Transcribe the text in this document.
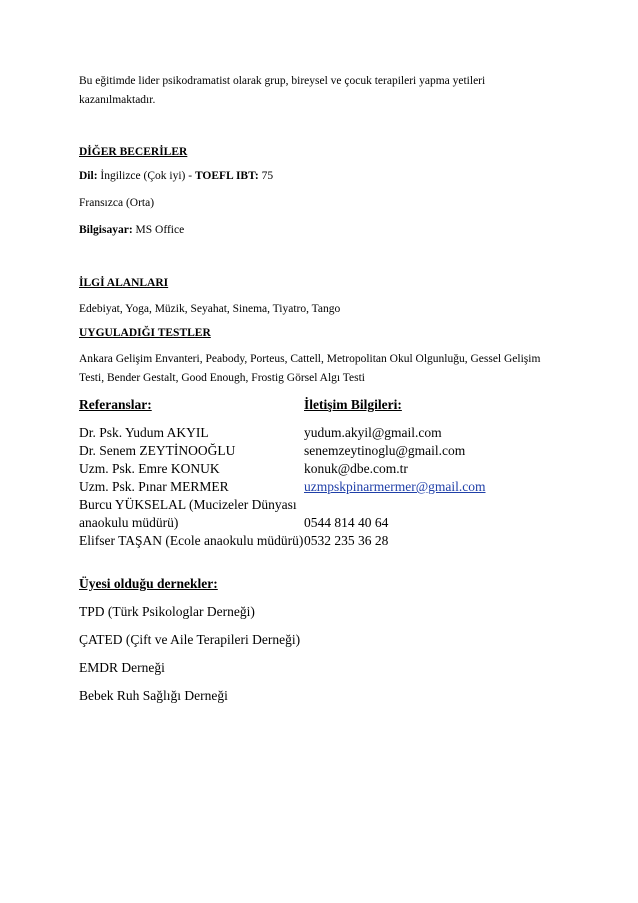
Bu eğitimde lider psikodramatist olarak grup, bireysel ve çocuk terapileri yapma yetileri
kazanılmaktadır.
DİĞER BECERİLER
Dil: İngilizce (Çok iyi) - TOEFL IBT: 75
Fransızca (Orta)
Bilgisayar: MS Office
İLGİ ALANLARI
Edebiyat, Yoga, Müzik, Seyahat, Sinema, Tiyatro, Tango
UYGULADIĞI TESTLER
Ankara Gelişim Envanteri, Peabody, Porteus, Cattell, Metropolitan Okul Olgunluğu, Gessel Gelişim
Testi, Bender Gestalt, Good Enough, Frostig Görsel Algı Testi
Referanslar:	İletişim Bilgileri:
Dr. Psk. Yudum AKYIL	yudum.akyil@gmail.com
Dr. Senem ZEYTİNOOĞLU	senemzeytinoglu@gmail.com
Uzm. Psk. Emre KONUK	konuk@dbe.com.tr
Uzm. Psk. Pınar MERMER	uzmpskpinarmermer@gmail.com
Burcu YÜKSELAL (Mucizeler Dünyası
anaokulu müdürü)	0544 814 40 64
Elifser TAŞAN (Ecole anaokulu müdürü) 0532 235 36 28
Üyesi olduğu dernekler:
TPD (Türk Psikologlar Derneği)
ÇATED (Çift ve Aile Terapileri Derneği)
EMDR Derneği
Bebek Ruh Sağlığı Derneği
